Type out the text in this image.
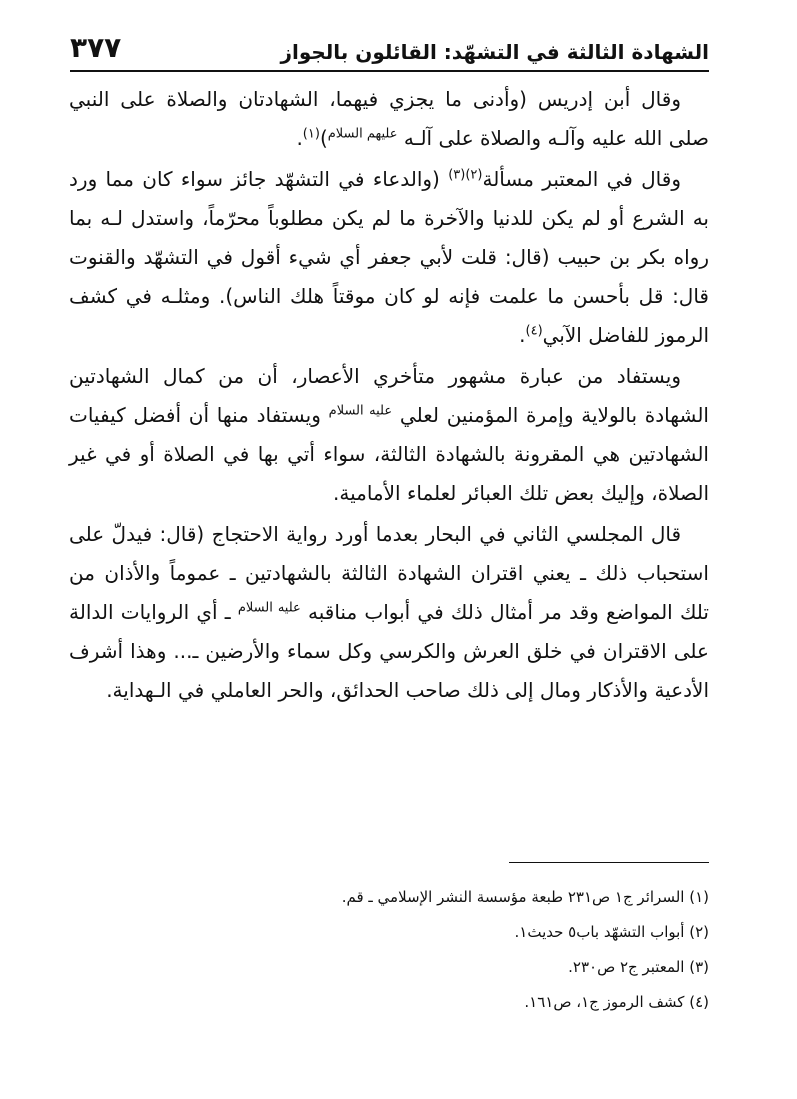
الشهادة الثالثة في التشهّد: القائلون بالجواز
٣٧٧

وقال أبن إدريس (وأدنى ما يجزي فيهما، الشهادتان والصلاة على النبي صلى الله عليه وآلـه والصلاة على آلـه $^{عليهم السلام}$)$^{(١)}$.

وقال في المعتبر مسألة$^{(٢)(٣)}$ (والدعاء في التشهّد جائز سواء كان مما ورد به الشرع أو لم يكن للدنيا والآخرة ما لم يكن مطلوباً محرّماً، واستدل لـه بما رواه بكر بن حبيب (قال: قلت لأبي جعفر أي شيء أقول في التشهّد والقنوت قال: قل بأحسن ما علمت فإنه لو كان موقتاً هلك الناس). ومثلـه في كشف الرموز للفاضل الآبي$^{(٤)}$.

ويستفاد من عبارة مشهور متأخري الأعصار، أن من كمال الشهادتين الشهادة بالولاية وإمرة المؤمنين لعلي $^{عليه السلام}$ ويستفاد منها أن أفضل كيفيات الشهادتين هي المقرونة بالشهادة الثالثة، سواء أتي بها في الصلاة أو في غير الصلاة، وإليك بعض تلك العبائر لعلماء الأمامية.

قال المجلسي الثاني في البحار بعدما أورد رواية الاحتجاج (قال: فيدلّ على استحباب ذلك ـ يعني اقتران الشهادة الثالثة بالشهادتين ـ عموماً والأذان من تلك المواضع وقد مر أمثال ذلك في أبواب مناقبه $^{عليه السلام}$ ـ أي الروايات الدالة على الاقتران في خلق العرش والكرسي وكل سماء والأرضين ـ... وهذا أشرف الأدعية والأذكار ومال إلى ذلك صاحب الحدائق، والحر العاملي في الـهداية.

(١) السرائر ج١ ص٢٣١ طبعة مؤسسة النشر الإسلامي ـ قم.
(٢) أبواب التشهّد باب٥ حديث١.
(٣) المعتبر ج٢ ص٢٣٠.
(٤) كشف الرموز ج١، ص١٦١.
